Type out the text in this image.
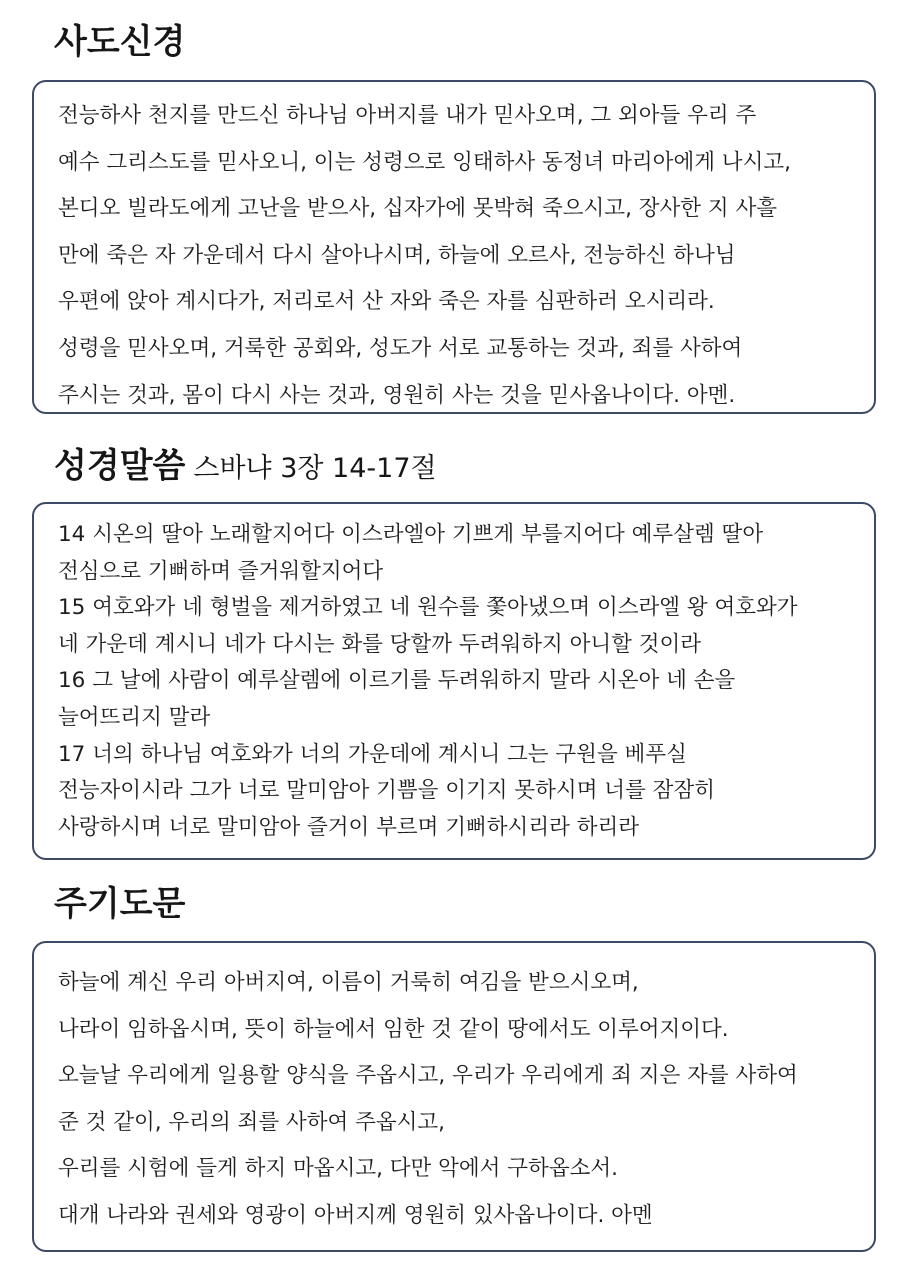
사도신경

전능하사 천지를 만드신 하나님 아버지를 내가 믿사오며, 그 외아들 우리 주

예수 그리스도를 믿사오니, 이는 성령으로 잉태하사 동정녀 마리아에게 나시고,

본디오 빌라도에게 고난을 받으사, 십자가에 못박혀 죽으시고, 장사한 지 사흘

만에 죽은 자 가운데서 다시 살아나시며, 하늘에 오르사, 전능하신 하나님

우편에 앉아 계시다가, 저리로서 산 자와 죽은 자를 심판하러 오시리라.

성령을 믿사오며, 거룩한 공회와, 성도가 서로 교통하는 것과, 죄를 사하여

주시는 것과, 몸이 다시 사는 것과, 영원히 사는 것을 믿사옵나이다. 아멘.

성경말씀 스바냐 3장 14-17절

14 시온의 딸아 노래할지어다 이스라엘아 기쁘게 부를지어다 예루살렘 딸아

전심으로 기뻐하며 즐거워할지어다

15 여호와가 네 형벌을 제거하였고 네 원수를 쫓아냈으며 이스라엘 왕 여호와가

네 가운데 계시니 네가 다시는 화를 당할까 두려워하지 아니할 것이라

16 그 날에 사람이 예루살렘에 이르기를 두려워하지 말라 시온아 네 손을

늘어뜨리지 말라

17 너의 하나님 여호와가 너의 가운데에 계시니 그는 구원을 베푸실

전능자이시라 그가 너로 말미암아 기쁨을 이기지 못하시며 너를 잠잠히

사랑하시며 너로 말미암아 즐거이 부르며 기뻐하시리라 하리라

주기도문

하늘에 계신 우리 아버지여, 이름이 거룩히 여김을 받으시오며,

나라이 임하옵시며, 뜻이 하늘에서 임한 것 같이 땅에서도 이루어지이다.

오늘날 우리에게 일용할 양식을 주옵시고, 우리가 우리에게 죄 지은 자를 사하여

준 것 같이, 우리의 죄를 사하여 주옵시고,

우리를 시험에 들게 하지 마옵시고, 다만 악에서 구하옵소서.

대개 나라와 권세와 영광이 아버지께 영원히 있사옵나이다. 아멘
